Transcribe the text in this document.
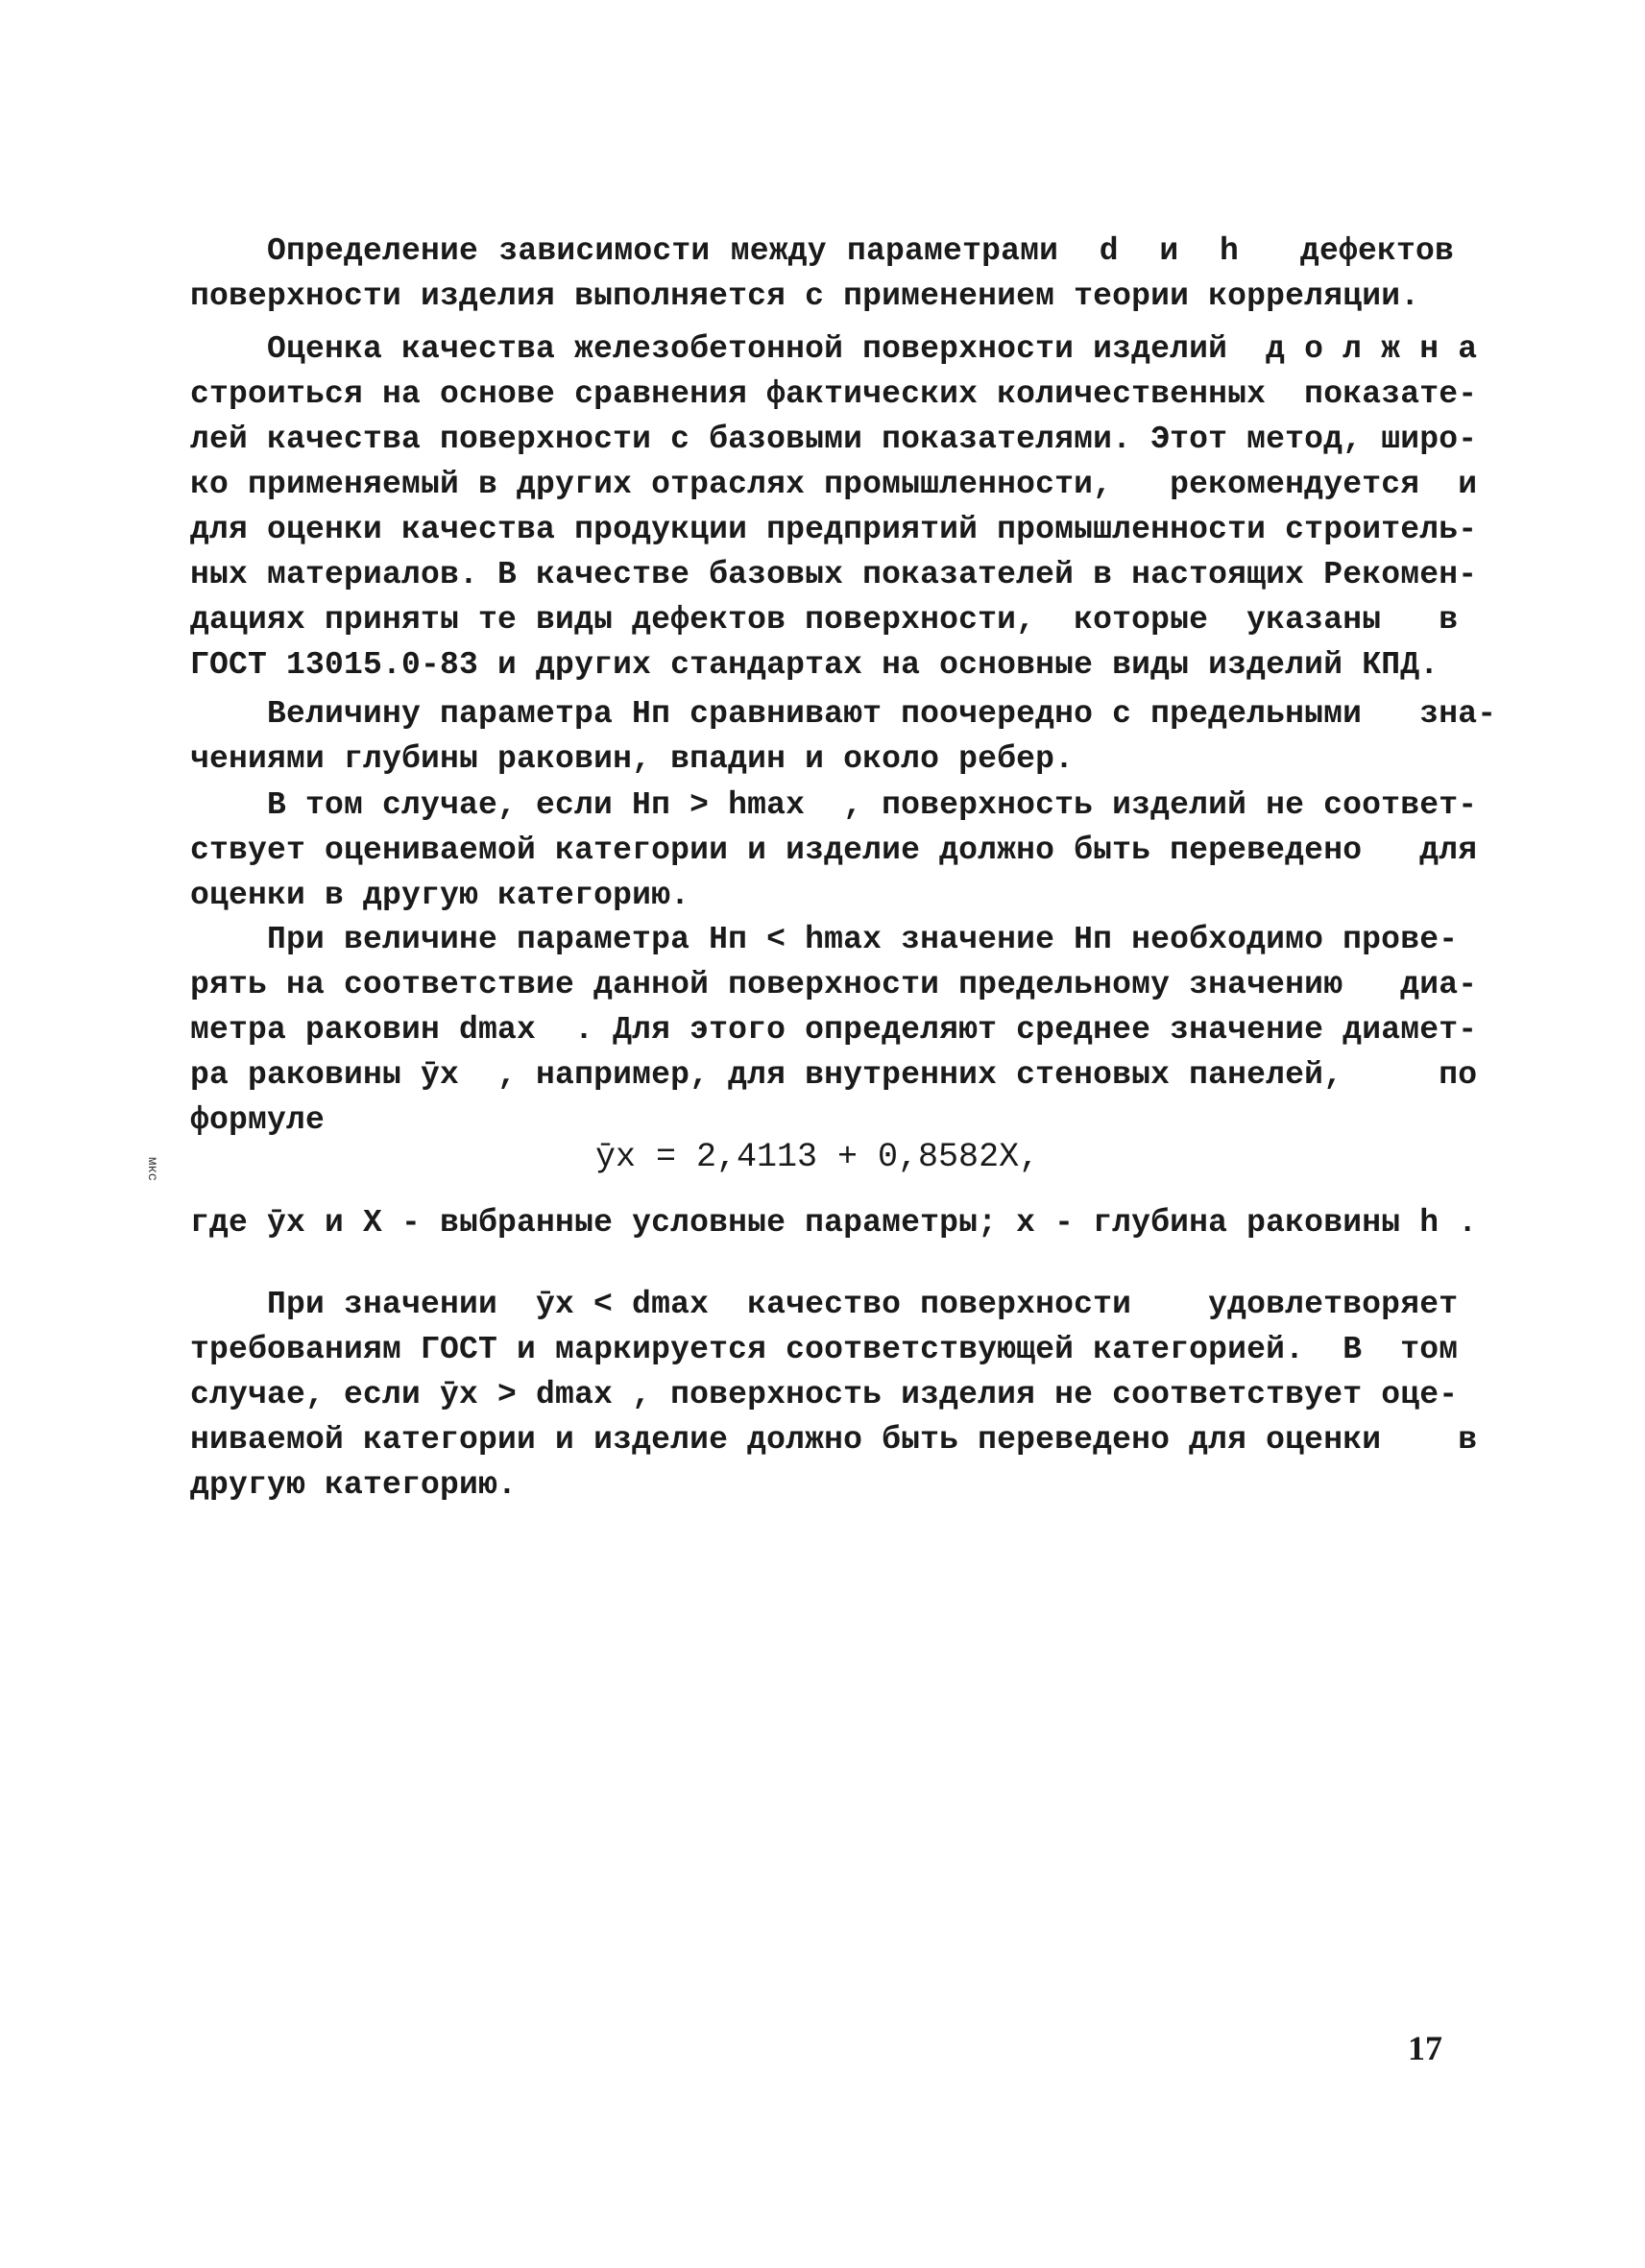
Определение зависимости между параметрами  d  и  h   дефектов
поверхности изделия выполняется с применением теории корреляции.
Оценка качества железобетонной поверхности изделий  д о л ж н а
строиться на основе сравнения фактических количественных  показате-
лей качества поверхности с базовыми показателями. Этот метод, широ-
ко применяемый в других отраслях промышленности,   рекомендуется  и
для оценки качества продукции предприятий промышленности строитель-
ных материалов. В качестве базовых показателей в настоящих Рекомен-
дациях приняты те виды дефектов поверхности,  которые  указаны   в
ГОСТ 13015.0-83 и других стандартах на основные виды изделий КПД.
Величину параметра Нп сравнивают поочередно с предельными   зна-
чениями глубины раковин, впадин и около ребер.
В том случае, если Нп > hmax  , поверхность изделий не соответ-
ствует оцениваемой категории и изделие должно быть переведено   для
оценки в другую категорию.
При величине параметра Нп < hmax значение Нп необходимо прове-
рять на соответствие данной поверхности предельному значению   диа-
метра раковин dmax  . Для этого определяют среднее значение диамет-
ра раковины ȳx  , например, для внутренних стеновых панелей,     по
формуле
мкс	ȳx = 2,4113 + 0,8582Х,
где ȳx и Х - выбранные условные параметры; х - глубина раковины h .
При значении  ȳx < dmax  качество поверхности    удовлетворяет
требованиям ГОСТ и маркируется соответствующей категорией.  В  том
случае, если ȳx > dmax , поверхность изделия не соответствует оце-
ниваемой категории и изделие должно быть переведено для оценки    в
другую категорию.
17
